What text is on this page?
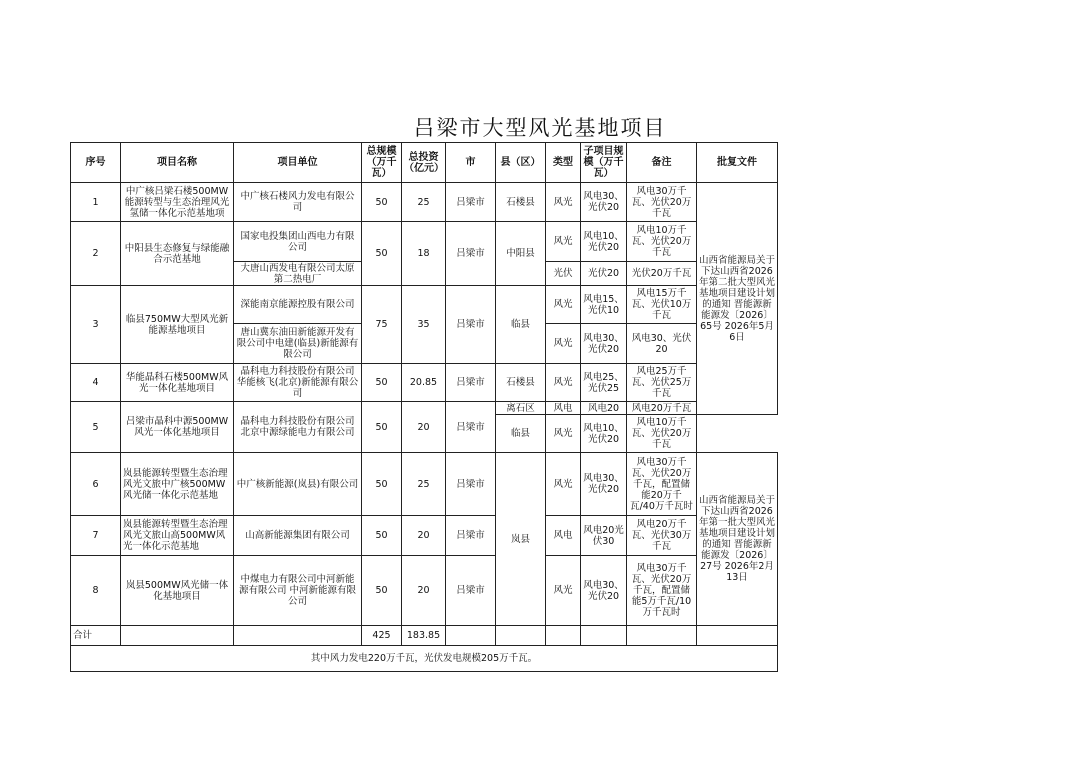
吕梁市大型风光基地项目
序号	项目名称	项目单位	总规模（万千瓦）	总投资（亿元）	市	县（区）	类型	子项目规模（万千瓦）	备注	批复文件
1	中广核吕梁石楼500MW能源转型与生态治理风光氢储一体化示范基地项	中广核石楼风力发电有限公司	50	25	吕梁市	石楼县	风光	风电30、光伏20	风电30万千瓦、光伏20万千瓦	山西省能源局关于下达山西省2026年第二批大型风光基地项目建设计划的通知 晋能源新能源发〔2026〕65号 2026年5月6日
2	中阳县生态修复与绿能融合示范基地	国家电投集团山西电力有限公司	50	18	吕梁市	中阳县	风光	风电10、光伏20	风电10万千瓦、光伏20万千瓦	
		大唐山西发电有限公司太原第二热电厂					光伏	光伏20	光伏20万千瓦	
3	临县750MW大型风光新能源基地项目	深能南京能源控股有限公司	75	35	吕梁市	临县	风光	风电15、光伏10	风电15万千瓦、光伏10万千瓦	
		唐山冀东油田新能源开发有限公司中电建(临县)新能源有限公司					风光	风电30、光伏20	风电30、光伏20	
4	华能晶科石楼500MW风光一体化基地项目	晶科电力科技股份有限公司 华能核飞(北京)新能源有限公司	50	20.85	吕梁市	石楼县	风光	风电25、光伏25	风电25万千瓦、光伏25万千瓦	
5	吕梁市晶科中源500MW风光一体化基地项目	晶科电力科技股份有限公司 北京中源绿能电力有限公司	50	20	吕梁市	离石区	风电	风电20	风电20万千瓦	
						临县	风光	风电10、光伏20	风电10万千瓦、光伏20万千瓦	
6	岚县能源转型暨生态治理风光文旅中广核500MW风光储一体化示范基地	中广核新能源(岚县)有限公司	50	25	吕梁市	岚县	风光	风电30、光伏20	风电30万千瓦、光伏20万千瓦，配置储能20万千瓦/40万千瓦时	山西省能源局关于下达山西省2026年第一批大型风光基地项目建设计划的通知 晋能源新能源发〔2026〕27号 2026年2月13日
7	岚县能源转型暨生态治理风光文旅山高500MW风光一体化示范基地	山高新能源集团有限公司	50	20	吕梁市		风电	风电20光伏30	风电20万千瓦、光伏30万千瓦	
8	岚县500MW风光储一体化基地项目	中煤电力有限公司中河新能源有限公司 中河新能源有限公司	50	20	吕梁市		风光	风电30、光伏20	风电30万千瓦、光伏20万千瓦，配置储能5万千瓦/10万千瓦时	
合计			425	183.85						
其中风力发电220万千瓦，光伏发电规模205万千瓦。										
